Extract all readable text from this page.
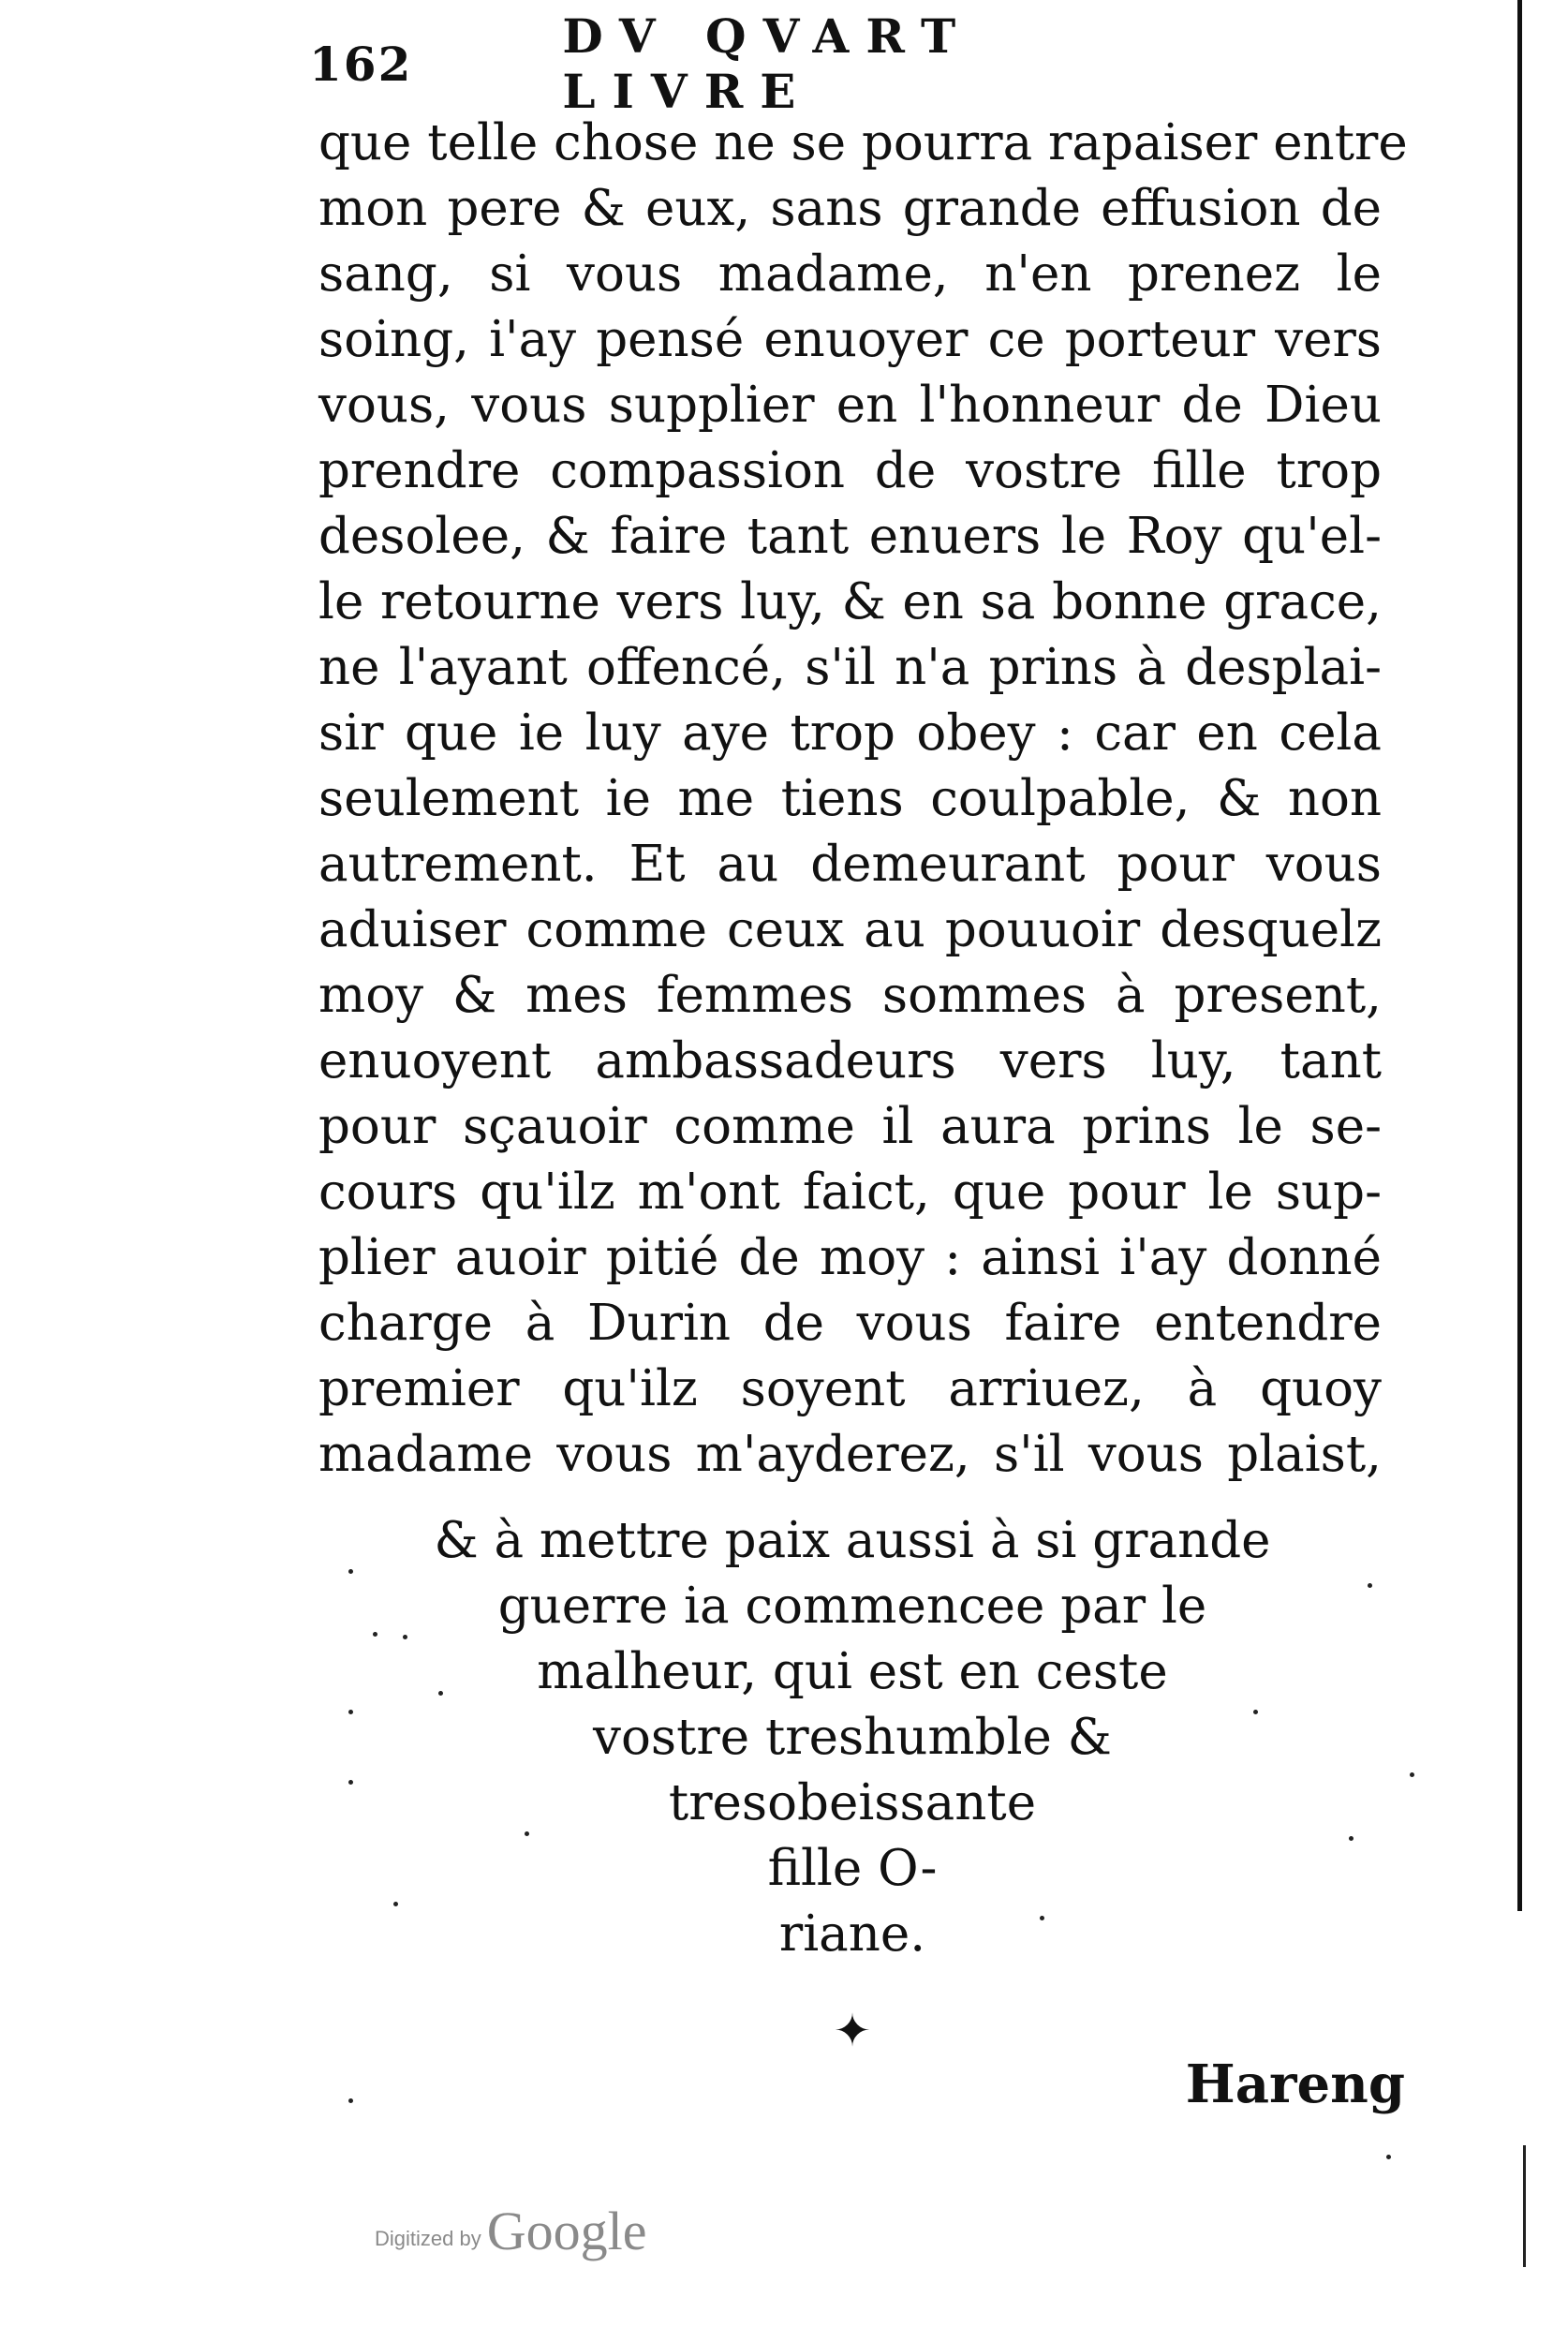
162	DV QVART LIVRE
que telle chose ne se pourra rapaiser entre
mon pere & eux, sans grande effusion de
sang, si vous madame, n'en prenez le
soing, i'ay pensé enuoyer ce porteur vers
vous, vous supplier en l'honneur de Dieu
prendre compassion de vostre fille trop
desolee, & faire tant enuers le Roy qu'el-
le retourne vers luy, & en sa bonne grace,
ne l'ayant offencé, s'il n'a prins à desplai-
sir que ie luy aye trop obey : car en cela
seulement ie me tiens coulpable, & non
autrement. Et au demeurant pour vous
aduiser comme ceux au pouuoir desquelz
moy & mes femmes sommes à present,
enuoyent ambassadeurs vers luy, tant
pour sçauoir comme il aura prins le se-
cours qu'ilz m'ont faict, que pour le sup-
plier auoir pitié de moy : ainsi i'ay donné
charge à Durin de vous faire entendre
premier qu'ilz soyent arriuez, à quoy
madame vous m'ayderez, s'il vous plaist,
& à mettre paix aussi à si grande
guerre ia commencee par le
malheur, qui est en ceste
vostre treshumble &
tresobeissante
fille O-
riane.
✦
Hareng
Digitized by Google
